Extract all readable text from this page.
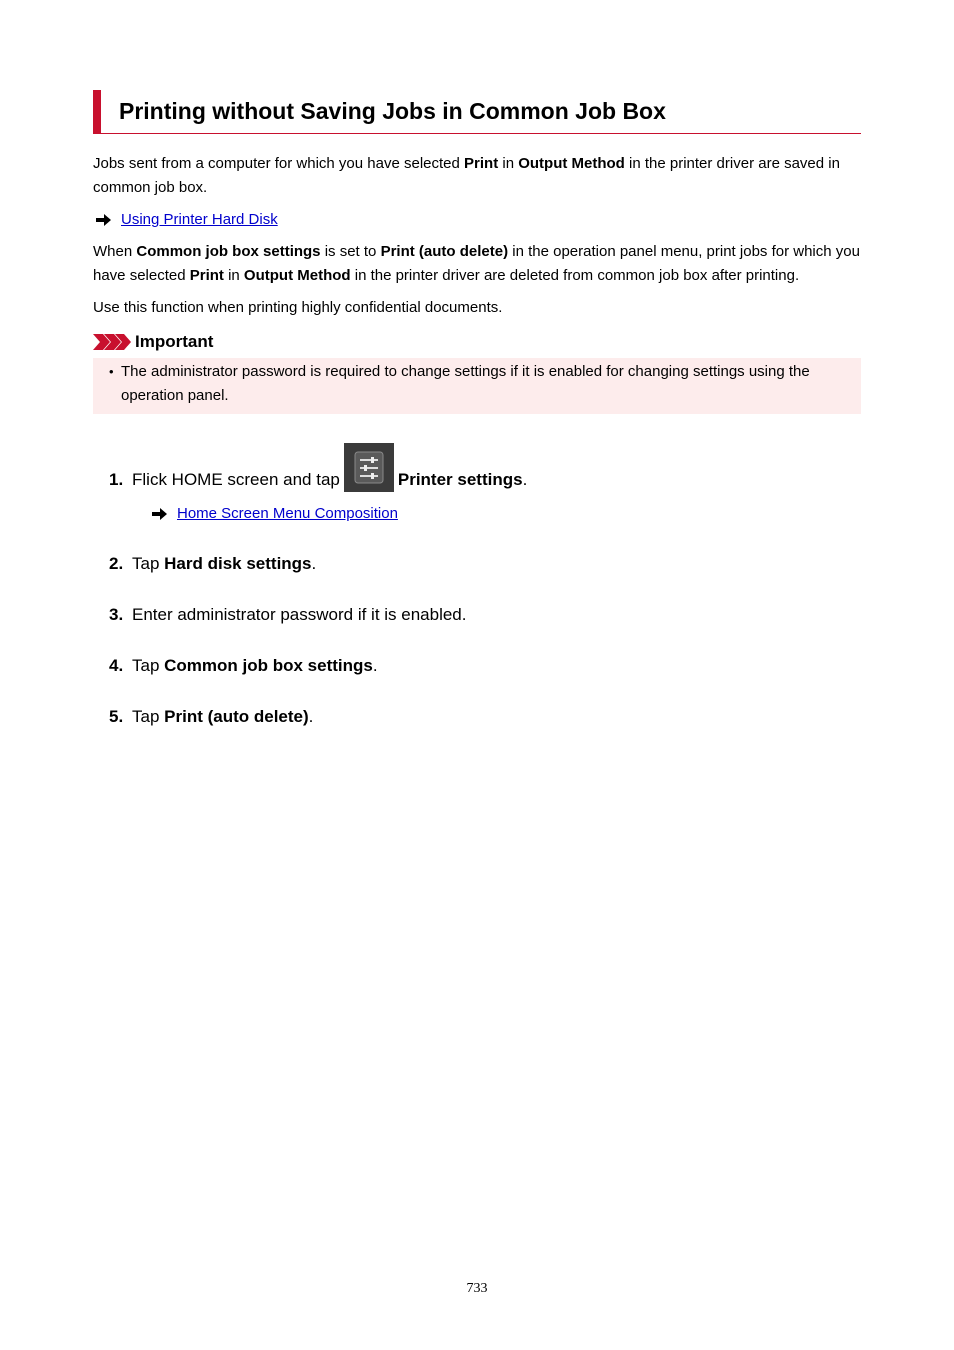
Printing without Saving Jobs in Common Job Box

Jobs sent from a computer for which you have selected Print in Output Method in the printer driver are saved in common job box.

Using Printer Hard Disk

When Common job box settings is set to Print (auto delete) in the operation panel menu, print jobs for which you have selected Print in Output Method in the printer driver are deleted from common job box after printing.

Use this function when printing highly confidential documents.

Important
• The administrator password is required to change settings if it is enabled for changing settings using the operation panel.
1. Flick HOME screen and tap	Printer settings .
Home Screen Menu Composition
2. Tap Hard disk settings.
3. Enter administrator password if it is enabled.
4. Tap Common job box settings.
5. Tap Print (auto delete).
733
